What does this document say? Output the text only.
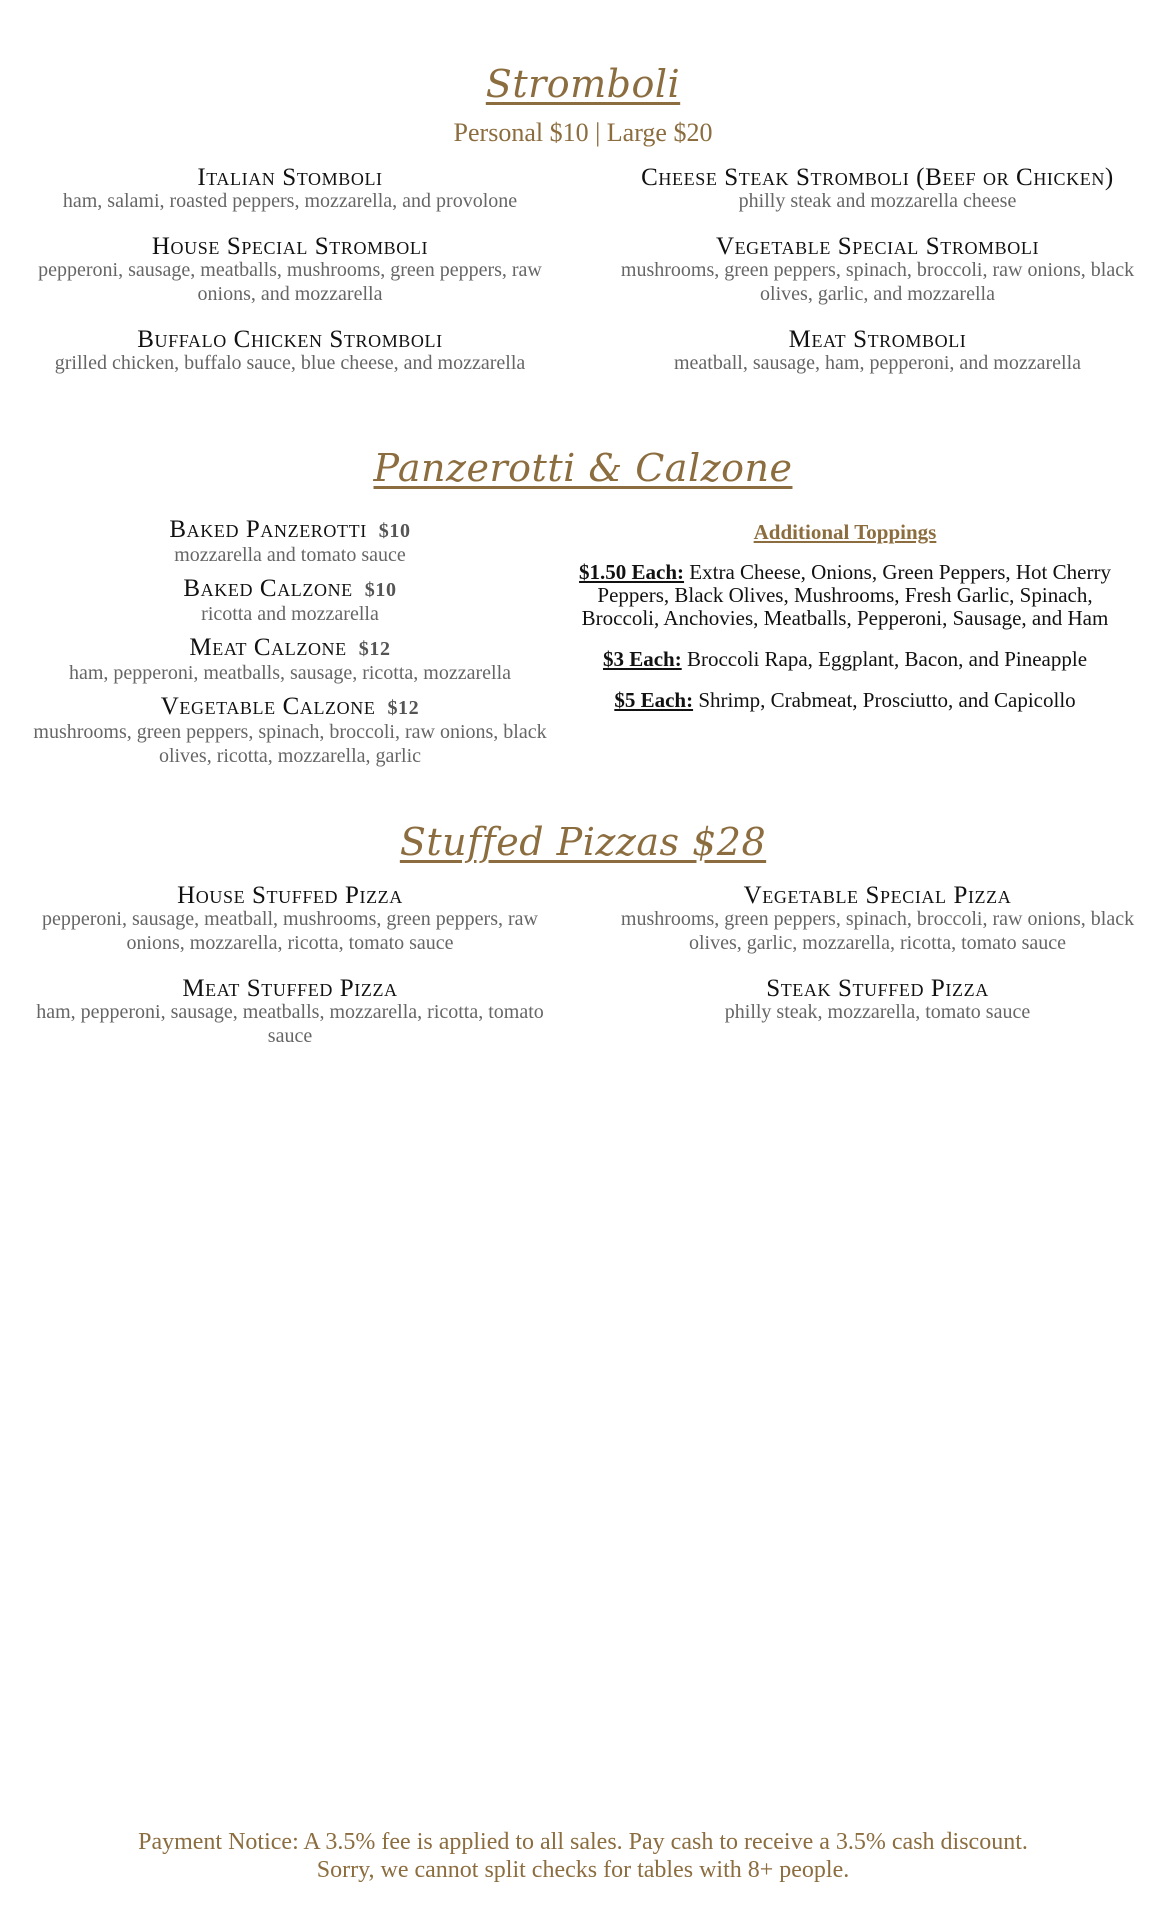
Stromboli
Personal $10 | Large $20
Italian Stomboli
ham, salami, roasted peppers, mozzarella, and provolone
House Special Stromboli
pepperoni, sausage, meatballs, mushrooms, green peppers, raw onions, and mozzarella
Buffalo Chicken Stromboli
grilled chicken, buffalo sauce, blue cheese, and mozzarella
Cheese Steak Stromboli (Beef or Chicken)
philly steak and mozzarella cheese
Vegetable Special Stromboli
mushrooms, green peppers, spinach, broccoli, raw onions, black olives, garlic, and mozzarella
Meat Stromboli
meatball, sausage, ham, pepperoni, and mozzarella
Panzerotti & Calzone
Baked Panzerotti $10
mozzarella and tomato sauce
Baked Calzone $10
ricotta and mozzarella
Meat Calzone $12
ham, pepperoni, meatballs, sausage, ricotta, mozzarella
Vegetable Calzone $12
mushrooms, green peppers, spinach, broccoli, raw onions, black olives, ricotta, mozzarella, garlic
Additional Toppings
$1.50 Each: Extra Cheese, Onions, Green Peppers, Hot Cherry Peppers, Black Olives, Mushrooms, Fresh Garlic, Spinach, Broccoli, Anchovies, Meatballs, Pepperoni, Sausage, and Ham
$3 Each: Broccoli Rapa, Eggplant, Bacon, and Pineapple
$5 Each: Shrimp, Crabmeat, Prosciutto, and Capicollo
Stuffed Pizzas $28
House Stuffed Pizza
pepperoni, sausage, meatball, mushrooms, green peppers, raw onions, mozzarella, ricotta, tomato sauce
Meat Stuffed Pizza
ham, pepperoni, sausage, meatballs, mozzarella, ricotta, tomato sauce
Vegetable Special Pizza
mushrooms, green peppers, spinach, broccoli, raw onions, black olives, garlic, mozzarella, ricotta, tomato sauce
Steak Stuffed Pizza
philly steak, mozzarella, tomato sauce
Payment Notice: A 3.5% fee is applied to all sales. Pay cash to receive a 3.5% cash discount.
Sorry, we cannot split checks for tables with 8+ people.
